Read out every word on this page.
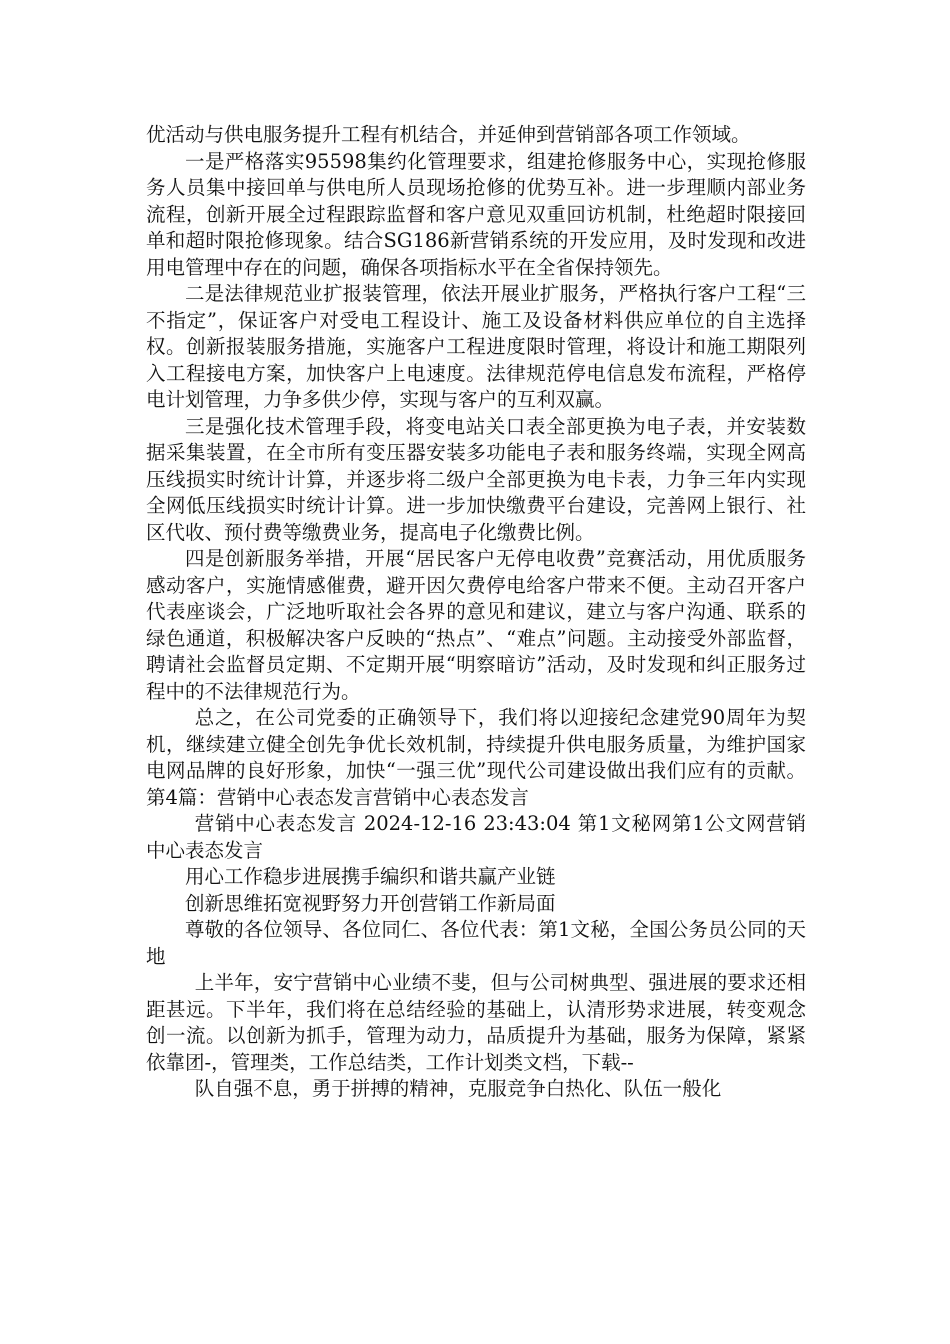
优活动与供电服务提升工程有机结合，并延伸到营销部各项工作领域。

一是严格落实95598集约化管理要求，组建抢修服务中心，实现抢修服务人员集中接回单与供电所人员现场抢修的优势互补。进一步理顺内部业务流程，创新开展全过程跟踪监督和客户意见双重回访机制，杜绝超时限接回单和超时限抢修现象。结合SG186新营销系统的开发应用，及时发现和改进用电管理中存在的问题，确保各项指标水平在全省保持领先。

二是法律规范业扩报装管理，依法开展业扩服务，严格执行客户工程“三不指定”，保证客户对受电工程设计、施工及设备材料供应单位的自主选择权。创新报装服务措施，实施客户工程进度限时管理，将设计和施工期限列入工程接电方案，加快客户上电速度。法律规范停电信息发布流程，严格停电计划管理，力争多供少停，实现与客户的互利双赢。

三是强化技术管理手段，将变电站关口表全部更换为电子表，并安装数据采集装置，在全市所有变压器安装多功能电子表和服务终端，实现全网高压线损实时统计计算，并逐步将二级户全部更换为电卡表，力争三年内实现全网低压线损实时统计计算。进一步加快缴费平台建设，完善网上银行、社区代收、预付费等缴费业务，提高电子化缴费比例。

四是创新服务举措，开展“居民客户无停电收费”竞赛活动，用优质服务感动客户，实施情感催费，避开因欠费停电给客户带来不便。主动召开客户代表座谈会，广泛地听取社会各界的意见和建议，建立与客户沟通、联系的绿色通道，积极解决客户反映的“热点”、“难点”问题。主动接受外部监督，聘请社会监督员定期、不定期开展“明察暗访”活动，及时发现和纠正服务过程中的不法律规范行为。

总之，在公司党委的正确领导下，我们将以迎接纪念建党90周年为契机，继续建立健全创先争优长效机制，持续提升供电服务质量，为维护国家电网品牌的良好形象，加快“一强三优”现代公司建设做出我们应有的贡献。第4篇：营销中心表态发言营销中心表态发言

营销中心表态发言 2024-12-16 23:43:04 第1文秘网第1公文网营销中心表态发言

用心工作稳步进展携手编织和谐共赢产业链

创新思维拓宽视野努力开创营销工作新局面

尊敬的各位领导、各位同仁、各位代表：第1文秘，全国公务员公同的天地

上半年，安宁营销中心业绩不斐，但与公司树典型、强进展的要求还相距甚远。下半年，我们将在总结经验的基础上，认清形势求进展，转变观念创一流。以创新为抓手，管理为动力，品质提升为基础，服务为保障，紧紧依靠团-，管理类，工作总结类，工作计划类文档，下载--

队自强不息，勇于拼搏的精神，克服竞争白热化、队伍一般化
